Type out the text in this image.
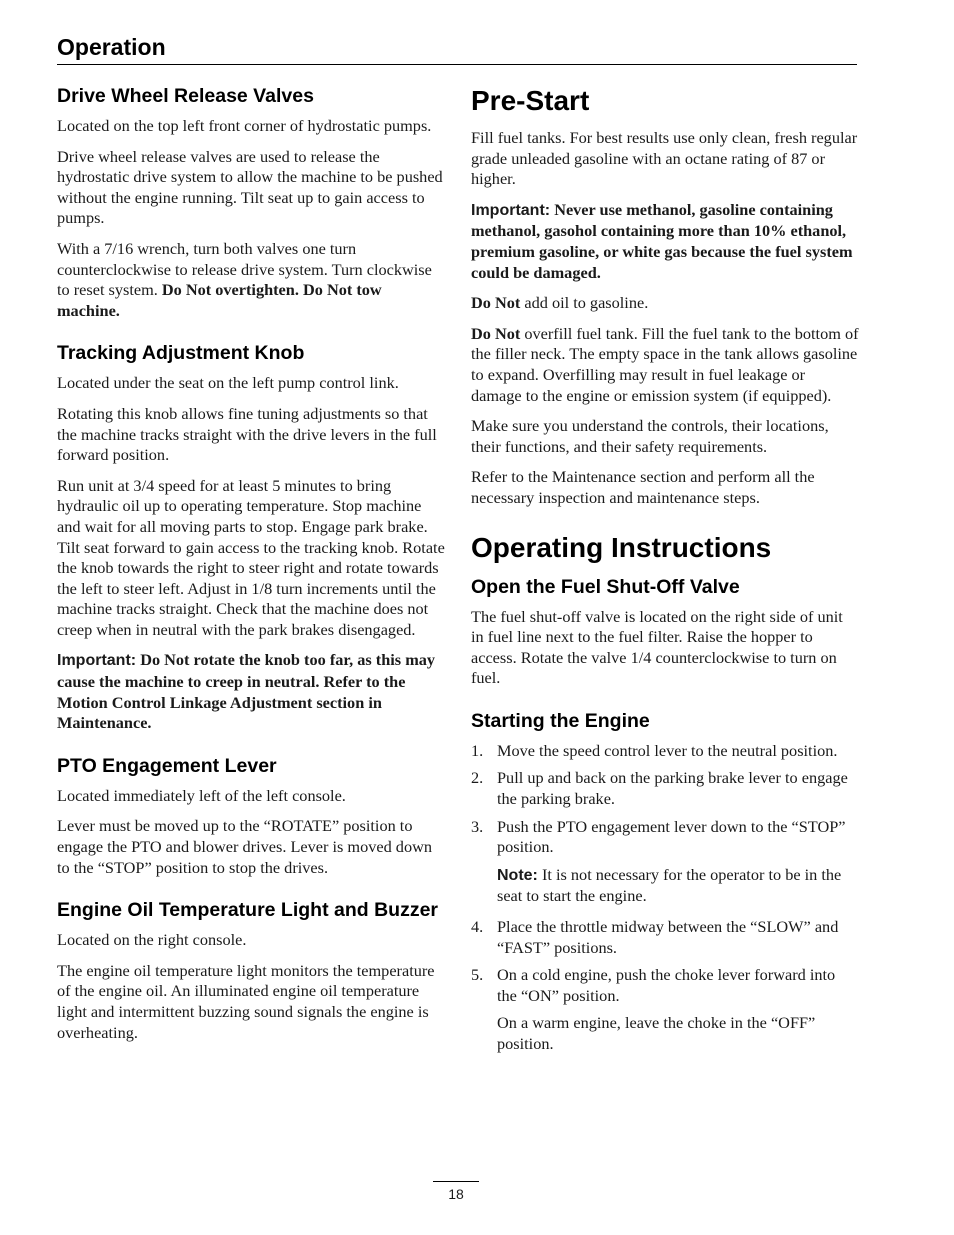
Operation
Drive Wheel Release Valves

Located on the top left front corner of hydrostatic pumps.

Drive wheel release valves are used to release the hydrostatic drive system to allow the machine to be pushed without the engine running. Tilt seat up to gain access to pumps.

With a 7/16 wrench, turn both valves one turn counterclockwise to release drive system. Turn clockwise to reset system. Do Not overtighten. Do Not tow machine.

Tracking Adjustment Knob

Located under the seat on the left pump control link.

Rotating this knob allows fine tuning adjustments so that the machine tracks straight with the drive levers in the full forward position.

Run unit at 3/4 speed for at least 5 minutes to bring hydraulic oil up to operating temperature. Stop machine and wait for all moving parts to stop. Engage park brake. Tilt seat forward to gain access to the tracking knob. Rotate the knob towards the right to steer right and rotate towards the left to steer left. Adjust in 1/8 turn increments until the machine tracks straight. Check that the machine does not creep when in neutral with the park brakes disengaged.

Important: Do Not rotate the knob too far, as this may cause the machine to creep in neutral. Refer to the Motion Control Linkage Adjustment section in Maintenance.

PTO Engagement Lever

Located immediately left of the left console.

Lever must be moved up to the “ROTATE” position to engage the PTO and blower drives. Lever is moved down to the “STOP” position to stop the drives.

Engine Oil Temperature Light and Buzzer

Located on the right console.

The engine oil temperature light monitors the temperature of the engine oil. An illuminated engine oil temperature light and intermittent buzzing sound signals the engine is overheating.

Pre-Start

Fill fuel tanks. For best results use only clean, fresh regular grade unleaded gasoline with an octane rating of 87 or higher.

Important: Never use methanol, gasoline containing methanol, gasohol containing more than 10% ethanol, premium gasoline, or white gas because the fuel system could be damaged.

Do Not add oil to gasoline.

Do Not overfill fuel tank. Fill the fuel tank to the bottom of the filler neck. The empty space in the tank allows gasoline to expand. Overfilling may result in fuel leakage or damage to the engine or emission system (if equipped).

Make sure you understand the controls, their locations, their functions, and their safety requirements.

Refer to the Maintenance section and perform all the necessary inspection and maintenance steps.

Operating Instructions
Open the Fuel Shut-Off Valve

The fuel shut-off valve is located on the right side of unit in fuel line next to the fuel filter. Raise the hopper to access. Rotate the valve 1/4 counterclockwise to turn on fuel.

Starting the Engine
1. Move the speed control lever to the neutral position.
2. Pull up and back on the parking brake lever to engage the parking brake.
3. Push the PTO engagement lever down to the “STOP” position.

Note: It is not necessary for the operator to be in the seat to start the engine.

4. Place the throttle midway between the “SLOW” and “FAST” positions.
5. On a cold engine, push the choke lever forward into the “ON” position.

On a warm engine, leave the choke in the “OFF” position.

18
